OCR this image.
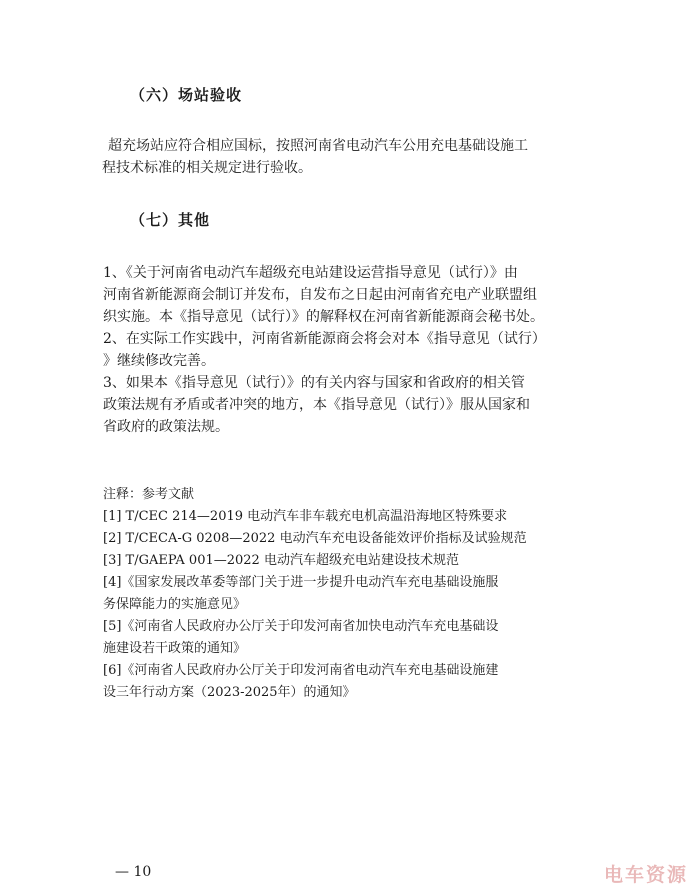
（六）场站验收
超充场站应符合相应国标，按照河南省电动汽车公用充电基础设施工
程技术标准的相关规定进行验收。
（七）其他
1、《关于河南省电动汽车超级充电站建设运营指导意见（试行）》由
河南省新能源商会制订并发布，自发布之日起由河南省充电产业联盟组
织实施。本《指导意见（试行）》的解释权在河南省新能源商会秘书处。
2、在实际工作实践中，河南省新能源商会将会对本《指导意见（试行）
》继续修改完善。
3、如果本《指导意见（试行）》的有关内容与国家和省政府的相关管
政策法规有矛盾或者冲突的地方，本《指导意见（试行）》服从国家和
省政府的政策法规。
注释：参考文献
[1] T/CEC 214—2019 电动汽车非车载充电机高温沿海地区特殊要求
[2] T/CECA-G 0208—2022 电动汽车充电设备能效评价指标及试验规范
[3] T/GAEPA 001—2022 电动汽车超级充电站建设技术规范
[4]《国家发展改革委等部门关于进一步提升电动汽车充电基础设施服
务保障能力的实施意见》
[5]《河南省人民政府办公厅关于印发河南省加快电动汽车充电基础设
施建设若干政策的通知》
[6]《河南省人民政府办公厅关于印发河南省电动汽车充电基础设施建
设三年行动方案（2023-2025年）的通知》
— 10	电车资源
